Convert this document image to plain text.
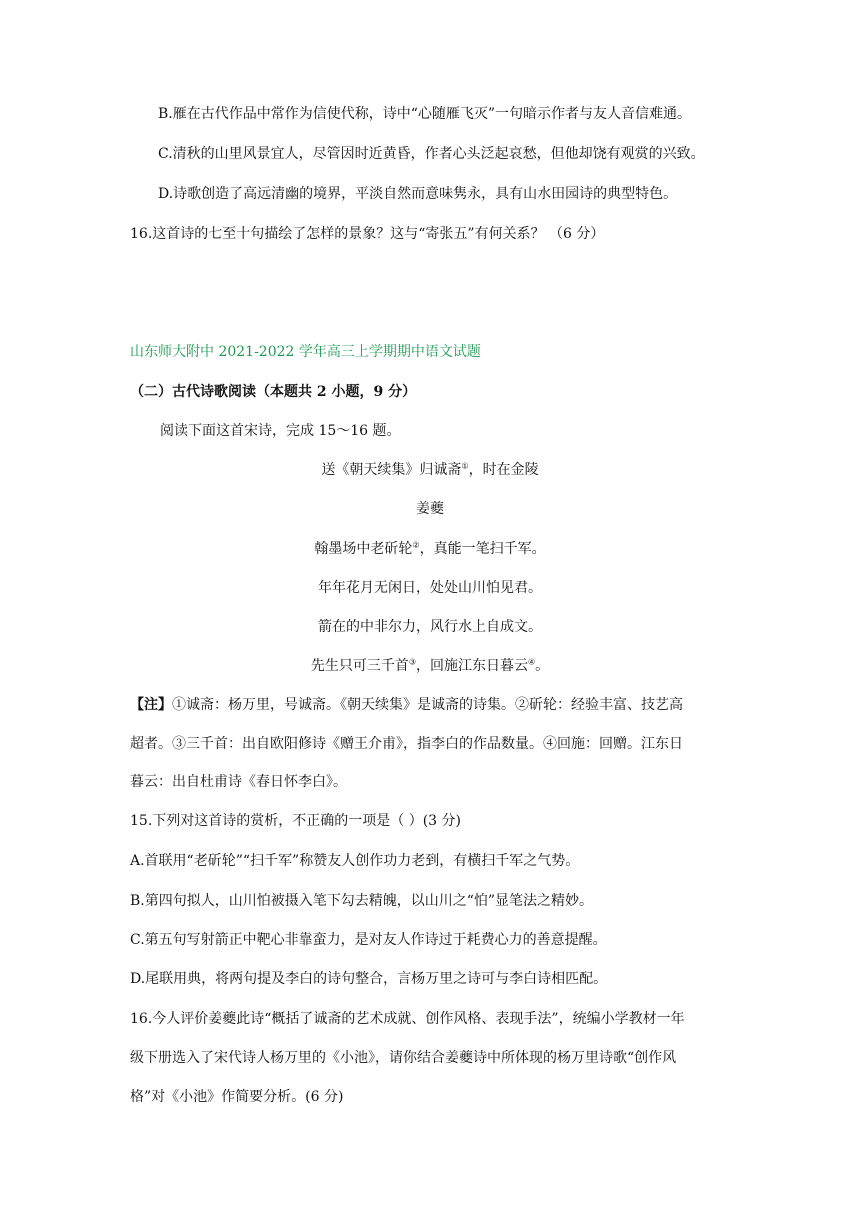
B.雁在古代作品中常作为信使代称，诗中“心随雁飞灭”一句暗示作者与友人音信难通。
C.清秋的山里风景宜人，尽管因时近黄昏，作者心头泛起哀愁，但他却饶有观赏的兴致。
D.诗歌创造了高远清幽的境界，平淡自然而意味隽永，具有山水田园诗的典型特色。
16.这首诗的七至十句描绘了怎样的景象？这与“寄张五”有何关系？ （6 分）
山东师大附中 2021-2022 学年高三上学期期中语文试题
（二）古代诗歌阅读（本题共 2 小题，9 分）
阅读下面这首宋诗，完成 15～16 题。
送《朝天续集》归诚斋①，时在金陵
姜夔
翰墨场中老斫轮②，真能一笔扫千军。
年年花月无闲日，处处山川怕见君。
箭在的中非尔力，风行水上自成文。
先生只可三千首③，回施江东日暮云④。
【注】①诚斋：杨万里，号诚斋。《朝天续集》是诚斋的诗集。②斫轮：经验丰富、技艺高
超者。③三千首：出自欧阳修诗《赠王介甫》，指李白的作品数量。④回施：回赠。江东日
暮云：出自杜甫诗《春日怀李白》。
15.下列对这首诗的赏析，不正确的一项是（ ）(3 分)
A.首联用“老斫轮”“扫千军”称赞友人创作功力老到，有横扫千军之气势。
B.第四句拟人，山川怕被摄入笔下勾去精魄，以山川之“怕”显笔法之精妙。
C.第五句写射箭正中靶心非靠蛮力，是对友人作诗过于耗费心力的善意提醒。
D.尾联用典，将两句提及李白的诗句整合，言杨万里之诗可与李白诗相匹配。
16.今人评价姜夔此诗“概括了诚斋的艺术成就、创作风格、表现手法”，统编小学教材一年
级下册选入了宋代诗人杨万里的《小池》，请你结合姜夔诗中所体现的杨万里诗歌“创作风
格”对《小池》作简要分析。(6 分)
